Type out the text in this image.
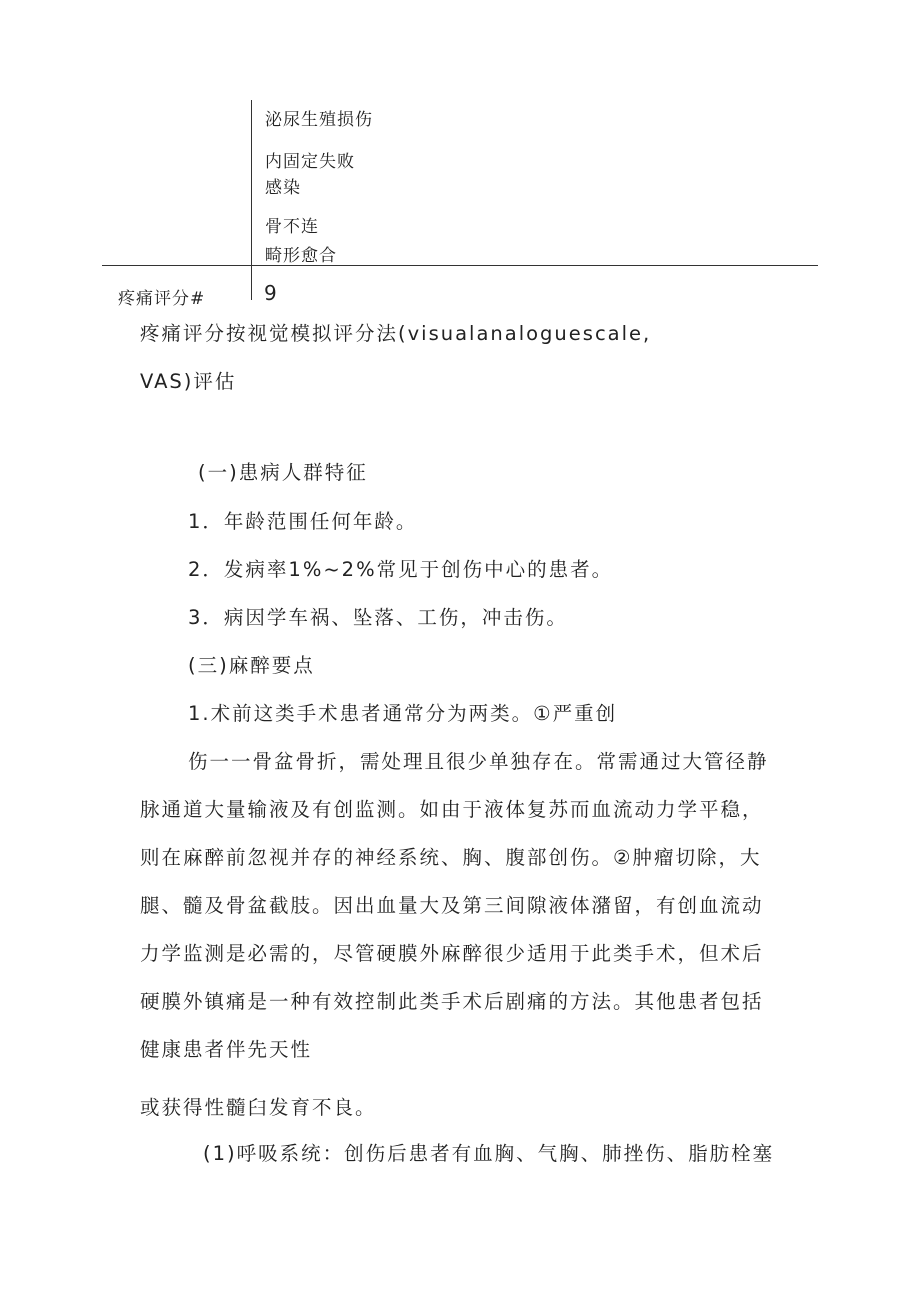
泌尿生殖损伤
内固定失败
感染
骨不连
畸形愈合
疼痛评分#	9
疼痛评分按视觉模拟评分法(visualanaloguescale,
VAS)评估
(一)患病人群特征
1．年龄范围任何年龄。
2．发病率1%~2%常见于创伤中心的患者。
3．病因学车祸、坠落、工伤，冲击伤。
(三)麻醉要点
1.术前这类手术患者通常分为两类。①严重创
伤一一骨盆骨折，需处理且很少单独存在。常需通过大管径静
脉通道大量输液及有创监测。如由于液体复苏而血流动力学平稳，
则在麻醉前忽视并存的神经系统、胸、腹部创伤。②肿瘤切除，大
腿、髓及骨盆截肢。因出血量大及第三间隙液体潴留，有创血流动
力学监测是必需的，尽管硬膜外麻醉很少适用于此类手术，但术后
硬膜外镇痛是一种有效控制此类手术后剧痛的方法。其他患者包括
健康患者伴先天性
或获得性髓臼发育不良。
(1)呼吸系统：创伤后患者有血胸、气胸、肺挫伤、脂肪栓塞
